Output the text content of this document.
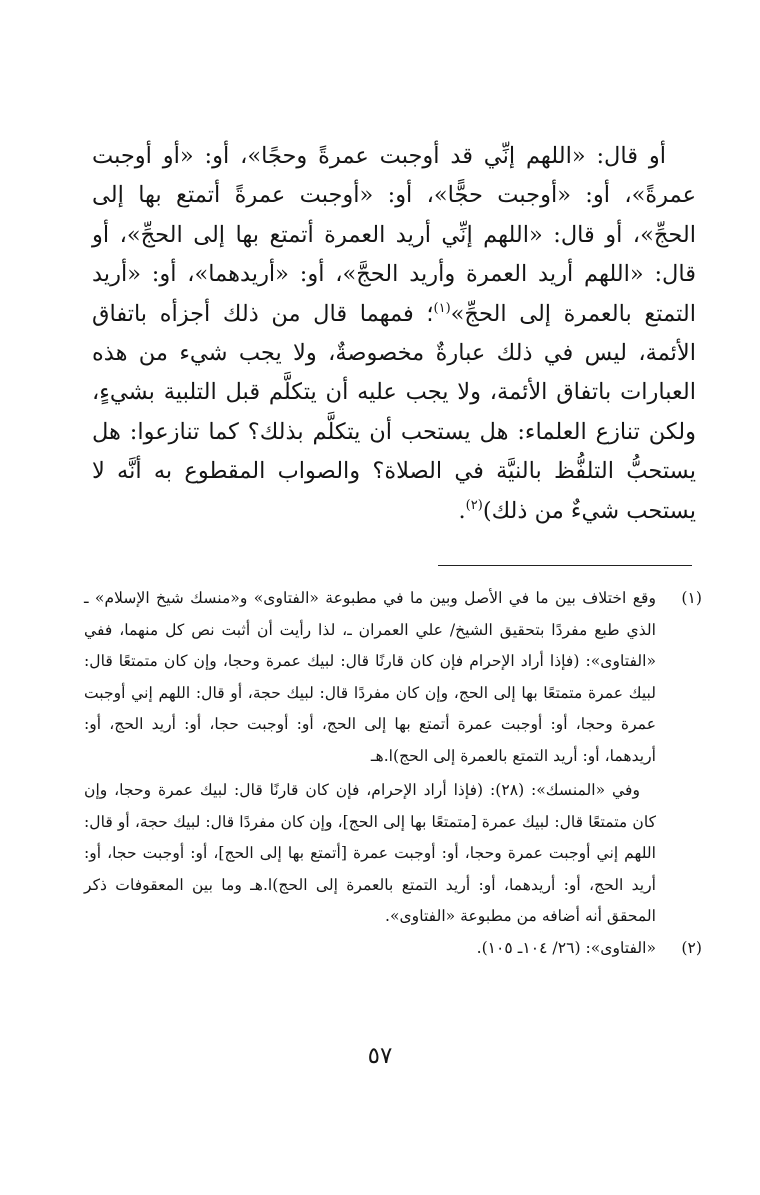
أو قال: «اللهم إنِّي قد أوجبت عمرةً وحجًا»، أو: «أو أوجبت عمرةً»، أو: «أوجبت حجًّا»، أو: «أوجبت عمرةً أتمتع بها إلى الحجِّ»، أو قال: «اللهم إنِّي أريد العمرة أتمتع بها إلى الحجِّ»، أو قال: «اللهم أريد العمرة وأريد الحجَّ»، أو: «أريدهما»، أو: «أريد التمتع بالعمرة إلى الحجِّ»$^{(١)}$؛ فمهما قال من ذلك أجزأه باتفاق الأئمة، ليس في ذلك عبارةٌ مخصوصةٌ، ولا يجب شيء من هذه العبارات باتفاق الأئمة، ولا يجب عليه أن يتكلَّم قبل التلبية بشيءٍ، ولكن تنازع العلماء: هل يستحب أن يتكلَّم بذلك؟ كما تنازعوا: هل يستحبُّ التلفُّظ بالنيَّة في الصلاة؟ والصواب المقطوع به أنَّه لا يستحب شيءٌ من ذلك)$^{(٢)}$.

(١)

وقع اختلاف بين ما في الأصل وبين ما في مطبوعة «الفتاوى» و«منسك شيخ الإسلام» ـ الذي طبع مفردًا بتحقيق الشيخ/ علي العمران ـ، لذا رأيت أن أثبت نص كل منهما، ففي «الفتاوى»: (فإذا أراد الإحرام فإن كان قارنًا قال: لبيك عمرة وحجا، وإن كان متمتعًا قال: لبيك عمرة متمتعًا بها إلى الحج، وإن كان مفردًا قال: لبيك حجة، أو قال: اللهم إني أوجبت عمرة وحجا، أو: أوجبت عمرة أتمتع بها إلى الحج، أو: أوجبت حجا، أو: أريد الحج، أو: أريدهما، أو: أريد التمتع بالعمرة إلى الحج)ا.هـ

وفي «المنسك»: (٢٨): (فإذا أراد الإحرام، فإن كان قارنًا قال: لبيك عمرة وحجا، وإن كان متمتعًا قال: لبيك عمرة [متمتعًا بها إلى الحج]، وإن كان مفردًا قال: لبيك حجة، أو قال: اللهم إني أوجبت عمرة وحجا، أو: أوجبت عمرة [أتمتع بها إلى الحج]، أو: أوجبت حجا، أو: أريد الحج، أو: أريدهما، أو: أريد التمتع بالعمرة إلى الحج)ا.هـ وما بين المعقوفات ذكر المحقق أنه أضافه من مطبوعة «الفتاوى».

(٢)

«الفتاوى»: (٢٦/ ١٠٤ـ ١٠٥).

٥٧
